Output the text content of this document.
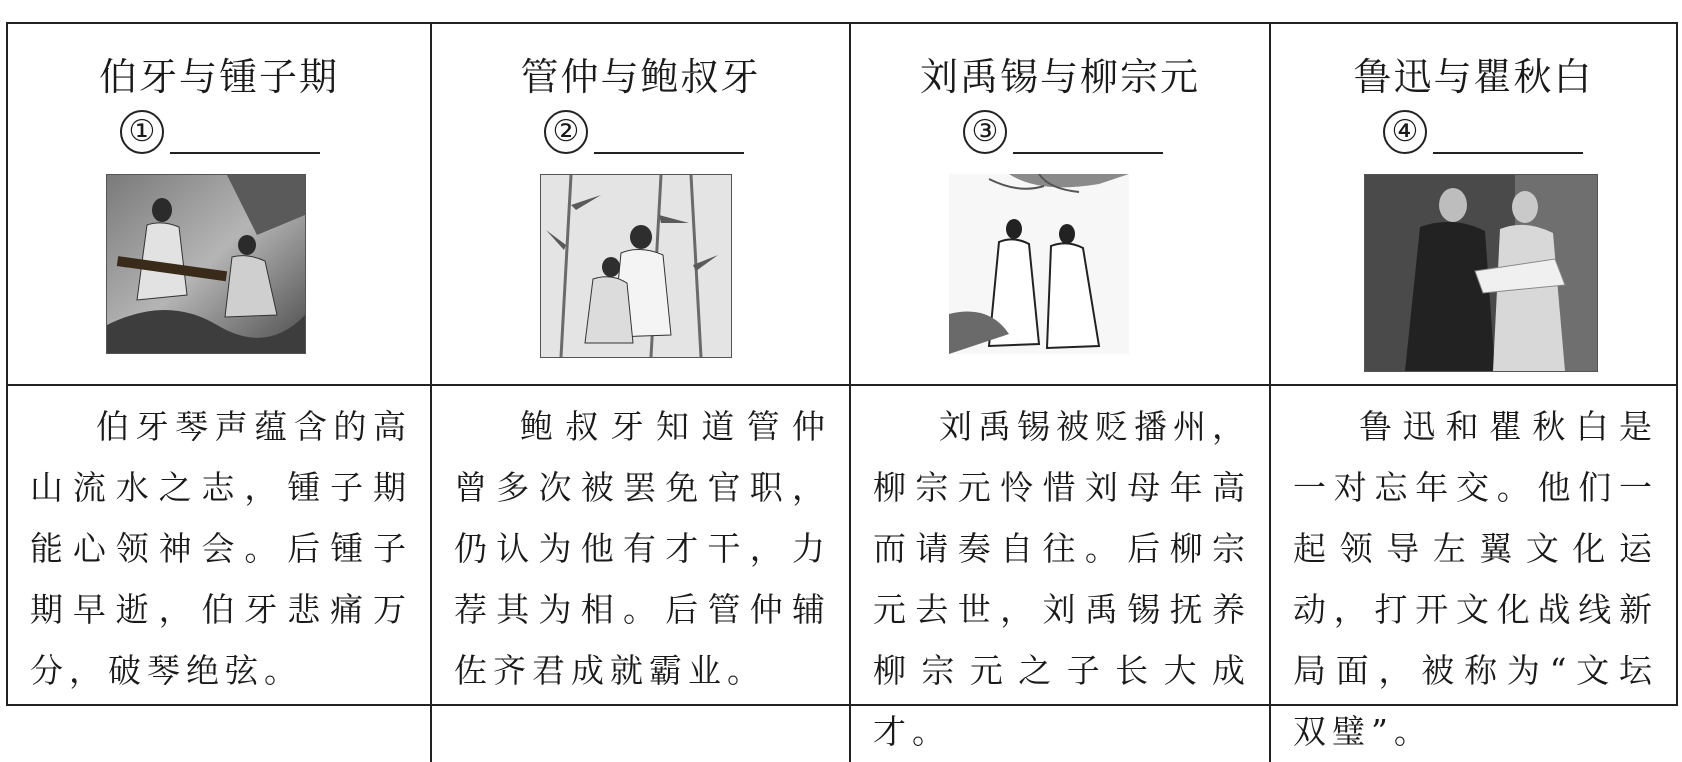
伯牙与锺子期
①
管仲与鲍叔牙
②
刘禹锡与柳宗元
③
鲁迅与瞿秋白
④

伯牙琴声蕴含的高山流水之志，锺子期能心领神会。后锺子期早逝，伯牙悲痛万分，破琴绝弦。

鲍叔牙知道管仲曾多次被罢免官职，仍认为他有才干，力荐其为相。后管仲辅佐齐君成就霸业。

刘禹锡被贬播州，柳宗元怜惜刘母年高而请奏自往。后柳宗元去世，刘禹锡抚养柳宗元之子长大成才。

鲁迅和瞿秋白是一对忘年交。他们一起领导左翼文化运动，打开文化战线新局面，被称为“文坛双璧”。
